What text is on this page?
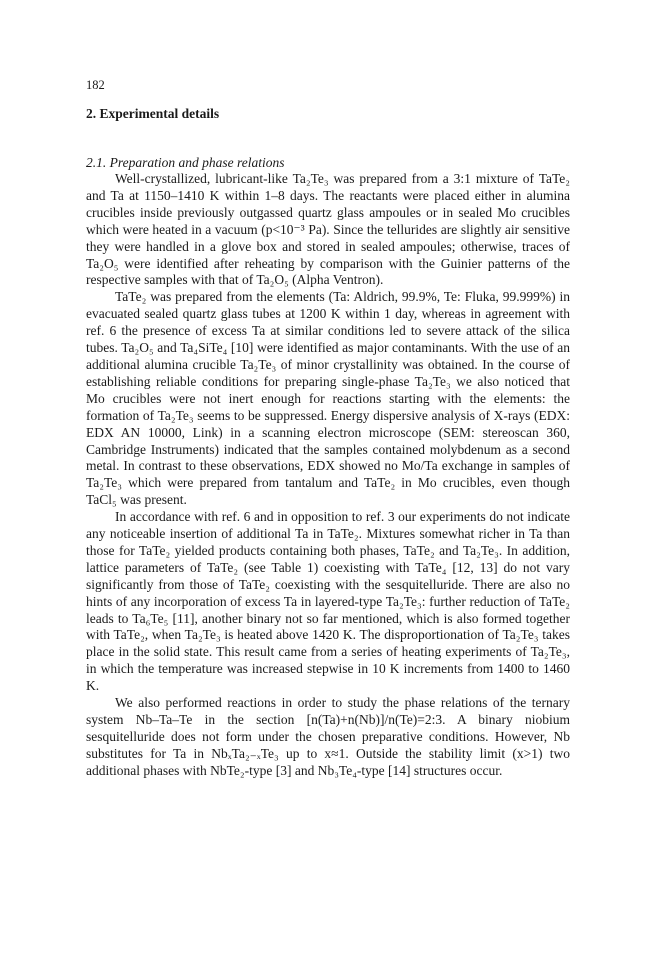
182
2. Experimental details
2.1. Preparation and phase relations

Well-crystallized, lubricant-like Ta₂Te₃ was prepared from a 3:1 mixture of TaTe₂ and Ta at 1150–1410 K within 1–8 days. The reactants were placed either in alumina crucibles inside previously outgassed quartz glass ampoules or in sealed Mo crucibles which were heated in a vacuum (p<10⁻³ Pa). Since the tellurides are slightly air sensitive they were handled in a glove box and stored in sealed ampoules; otherwise, traces of Ta₂O₅ were identified after reheating by comparison with the Guinier patterns of the respective samples with that of Ta₂O₅ (Alpha Ventron).

TaTe₂ was prepared from the elements (Ta: Aldrich, 99.9%, Te: Fluka, 99.999%) in evacuated sealed quartz glass tubes at 1200 K within 1 day, whereas in agreement with ref. 6 the presence of excess Ta at similar conditions led to severe attack of the silica tubes. Ta₂O₅ and Ta₄SiTe₄ [10] were identified as major contaminants. With the use of an additional alumina crucible Ta₂Te₃ of minor crystallinity was obtained. In the course of establishing reliable conditions for preparing single-phase Ta₂Te₃ we also noticed that Mo crucibles were not inert enough for reactions starting with the elements: the formation of Ta₂Te₃ seems to be suppressed. Energy dispersive analysis of X-rays (EDX: EDX AN 10000, Link) in a scanning electron microscope (SEM: stereoscan 360, Cambridge Instruments) indicated that the samples contained molybdenum as a second metal. In contrast to these observations, EDX showed no Mo/Ta exchange in samples of Ta₂Te₃ which were prepared from tantalum and TaTe₂ in Mo crucibles, even though TaCl₅ was present.

In accordance with ref. 6 and in opposition to ref. 3 our experiments do not indicate any noticeable insertion of additional Ta in TaTe₂. Mixtures somewhat richer in Ta than those for TaTe₂ yielded products containing both phases, TaTe₂ and Ta₂Te₃. In addition, lattice parameters of TaTe₂ (see Table 1) coexisting with TaTe₄ [12, 13] do not vary significantly from those of TaTe₂ coexisting with the sesquitelluride. There are also no hints of any incorporation of excess Ta in layered-type Ta₂Te₃: further reduction of TaTe₂ leads to Ta₆Te₅ [11], another binary not so far mentioned, which is also formed together with TaTe₂, when Ta₂Te₃ is heated above 1420 K. The disproportionation of Ta₂Te₃ takes place in the solid state. This result came from a series of heating experiments of Ta₂Te₃, in which the temperature was increased stepwise in 10 K increments from 1400 to 1460 K.

We also performed reactions in order to study the phase relations of the ternary system Nb–Ta–Te in the section [n(Ta)+n(Nb)]/n(Te)=2:3. A binary niobium sesquitelluride does not form under the chosen preparative conditions. However, Nb substitutes for Ta in NbₓTa₂₋ₓTe₃ up to x≈1. Outside the stability limit (x>1) two additional phases with NbTe₂-type [3] and Nb₃Te₄-type [14] structures occur.
